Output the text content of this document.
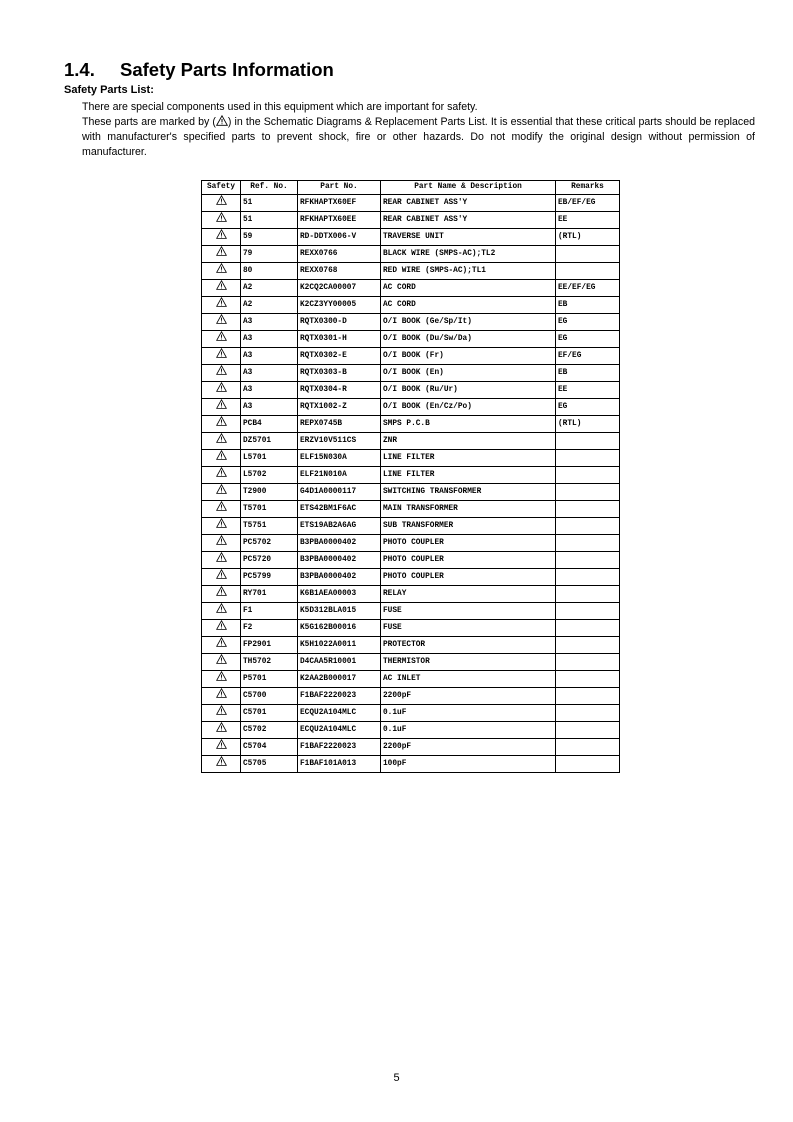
1.4. Safety Parts Information
Safety Parts List:
There are special components used in this equipment which are important for safety.
These parts are marked by ( ) in the Schematic Diagrams & Replacement Parts List. It is essential that these critical parts should be replaced with manufacturer's specified parts to prevent shock, fire or other hazards. Do not modify the original design without permission of manufacturer.
Safety	Ref. No.	Part No.	Part Name & Description	Remarks
	51	RFKHAPTX60EF	REAR CABINET ASS'Y	EB/EF/EG
	51	RFKHAPTX60EE	REAR CABINET ASS'Y	EE
	59	RD-DDTX006-V	TRAVERSE UNIT	(RTL)
	79	REXX0766	BLACK WIRE (SMPS-AC);TL2	
	80	REXX0768	RED WIRE (SMPS-AC);TL1	
	A2	K2CQ2CA00007	AC CORD	EE/EF/EG
	A2	K2CZ3YY00005	AC CORD	EB
	A3	RQTX0300-D	O/I BOOK (Ge/Sp/It)	EG
	A3	RQTX0301-H	O/I BOOK (Du/Sw/Da)	EG
	A3	RQTX0302-E	O/I BOOK (Fr)	EF/EG
	A3	RQTX0303-B	O/I BOOK (En)	EB
	A3	RQTX0304-R	O/I BOOK (Ru/Ur)	EE
	A3	RQTX1002-Z	O/I BOOK (En/Cz/Po)	EG
	PCB4	REPX0745B	SMPS P.C.B	(RTL)
	DZ5701	ERZV10V511CS	ZNR	
	L5701	ELF15N030A	LINE FILTER	
	L5702	ELF21N010A	LINE FILTER	
	T2900	G4D1A0000117	SWITCHING TRANSFORMER	
	T5701	ETS42BM1F6AC	MAIN TRANSFORMER	
	T5751	ETS19AB2A6AG	SUB TRANSFORMER	
	PC5702	B3PBA0000402	PHOTO COUPLER	
	PC5720	B3PBA0000402	PHOTO COUPLER	
	PC5799	B3PBA0000402	PHOTO COUPLER	
	RY701	K6B1AEA00003	RELAY	
	F1	K5D312BLA015	FUSE	
	F2	K5G162B00016	FUSE	
	FP2901	K5H1022A0011	PROTECTOR	
	TH5702	D4CAA5R10001	THERMISTOR	
	P5701	K2AA2B000017	AC INLET	
	C5700	F1BAF2220023	2200pF	
	C5701	ECQU2A104MLC	0.1uF	
	C5702	ECQU2A104MLC	0.1uF	
	C5704	F1BAF2220023	2200pF	
	C5705	F1BAF101A013	100pF	
5
